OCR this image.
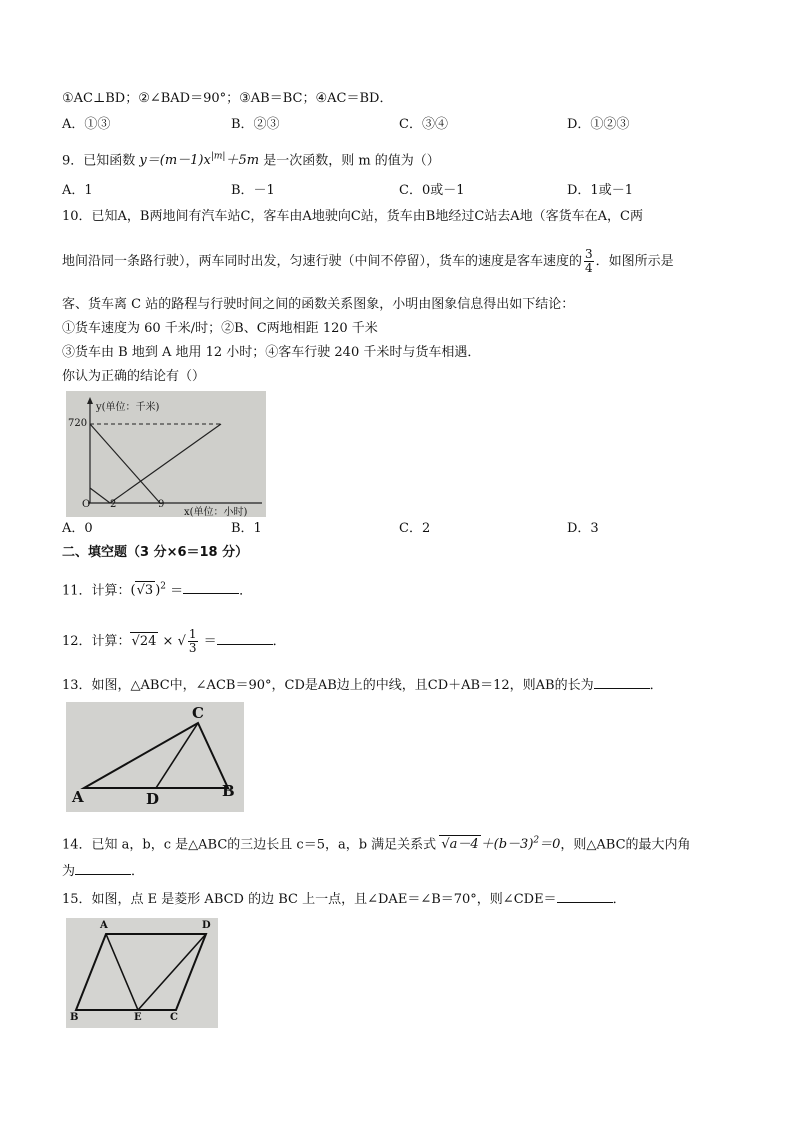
①AC⊥BD；②∠BAD＝90°；③AB＝BC；④AC＝BD．
A．①③	B．②③	C．③④	D．①②③
9．已知函数 $y=(m-1)x^{|m|}+5m$ 是一次函数，则 m 的值为（）
A．1	B．－1	C．0或－1	D．1或－1
10．已知A，B两地间有汽车站C，客车由A地驶向C站，货车由B地经过C站去A地（客货车在A，C两
地间沿同一条路行驶），两车同时出发，匀速行驶（中间不停留），货车的速度是客车速度的 $\frac{3}{4}$ ．如图所示是
客、货车离 C 站的路程与行驶时间之间的函数关系图象，小明由图象信息得出如下结论：
①货车速度为 60 千米/时；②B、C两地相距 120 千米
③货车由 B 地到 A 地用 12 小时；④客车行驶 240 千米时与货车相遇．
你认为正确的结论有（）
y(单位：千米)
720
O 2	9
x(单位：小时)
A．0	B．1	C．2	D．3
二、填空题（3 分×6＝18 分）
11．计算：(√3 )$^2$ ＝	．
12．计算：√24 × √ $\frac{1}{3}$ ＝	．
13．如图，△ABC中，∠ACB＝90°，CD是AB边上的中线，且CD＋AB＝12，则AB的长为	．
C
A	D	B
14．已知 a，b，c 是△ABC的三边长且 c＝5，a，b 满足关系式 $√a-4 +(b-3)^2=0$，则△ABC的最大内角
为	．
15．如图，点 E 是菱形 ABCD 的边 BC 上一点，且∠DAE＝∠B＝70°，则∠CDE＝	．
A	D
B	E	C
